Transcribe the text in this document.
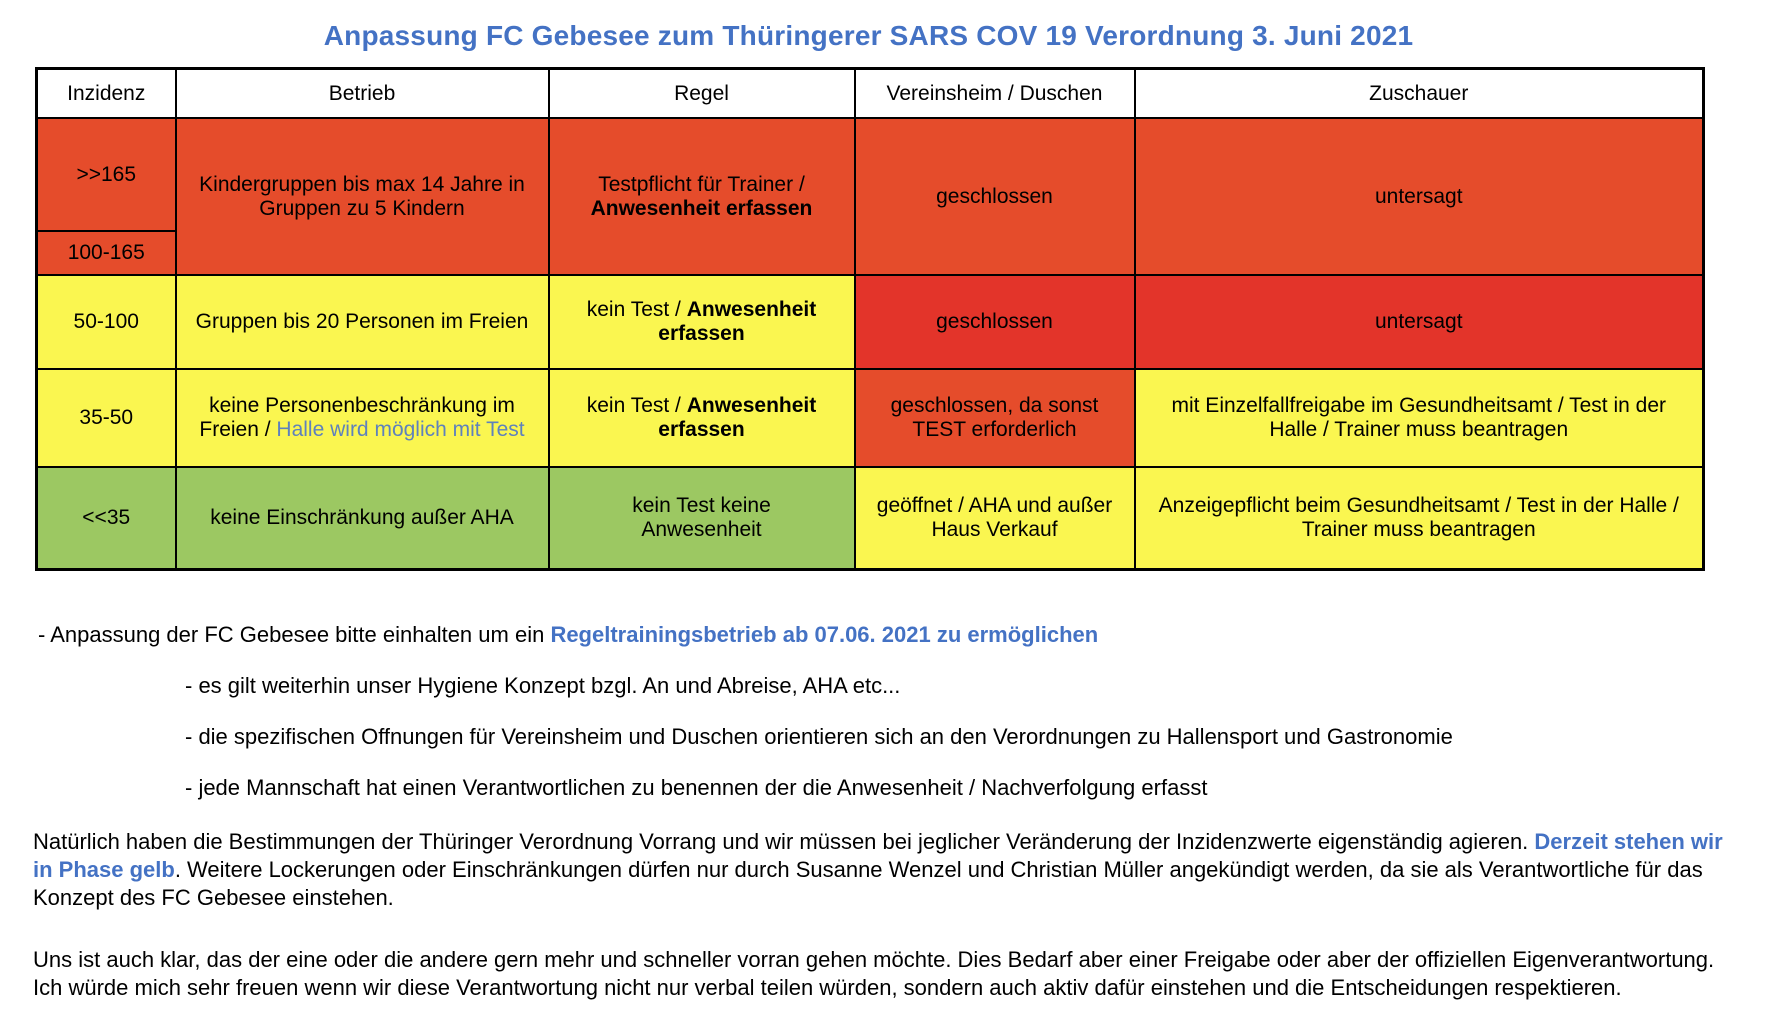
Anpassung FC Gebesee zum Thüringerer SARS COV 19 Verordnung 3. Juni 2021
Inzidenz	Betrieb	Regel	Vereinsheim / Duschen	Zuschauer
>>165	Kindergruppen bis max 14 Jahre in Gruppen zu 5 Kindern	Testpflicht für Trainer /
Anwesenheit erfassen	geschlossen	untersagt
100-165				
50-100	Gruppen bis 20 Personen im Freien	kein Test / Anwesenheit erfassen	geschlossen	untersagt
35-50	keine Personenbeschränkung im Freien / Halle wird möglich mit Test	kein Test / Anwesenheit erfassen	geschlossen, da sonst TEST erforderlich	mit Einzelfallfreigabe im Gesundheitsamt / Test in der Halle / Trainer muss beantragen
<<35	keine Einschränkung außer AHA	kein Test keine
Anwesenheit	geöffnet / AHA und außer Haus Verkauf	Anzeigepflicht beim Gesundheitsamt / Test in der Halle / Trainer muss beantragen
- Anpassung der FC Gebesee bitte einhalten um ein Regeltrainingsbetrieb ab 07.06. 2021 zu ermöglichen
- es gilt weiterhin unser Hygiene Konzept bzgl. An und Abreise, AHA etc...
- die spezifischen Offnungen für Vereinsheim und Duschen orientieren sich an den Verordnungen zu Hallensport und Gastronomie
- jede Mannschaft hat einen Verantwortlichen zu benennen der die Anwesenheit / Nachverfolgung erfasst

Natürlich haben die Bestimmungen der Thüringer Verordnung Vorrang und wir müssen bei jeglicher Veränderung der Inzidenzwerte eigenständig agieren. Derzeit stehen wir in Phase gelb. Weitere Lockerungen oder Einschränkungen dürfen nur durch Susanne Wenzel und Christian Müller angekündigt werden, da sie als Verantwortliche für das Konzept des FC Gebesee einstehen.

Uns ist auch klar, das der eine oder die andere gern mehr und schneller vorran gehen möchte. Dies Bedarf aber einer Freigabe oder aber der offiziellen Eigenverantwortung. Ich würde mich sehr freuen wenn wir diese Verantwortung nicht nur verbal teilen würden, sondern auch aktiv dafür einstehen und die Entscheidungen respektieren.
